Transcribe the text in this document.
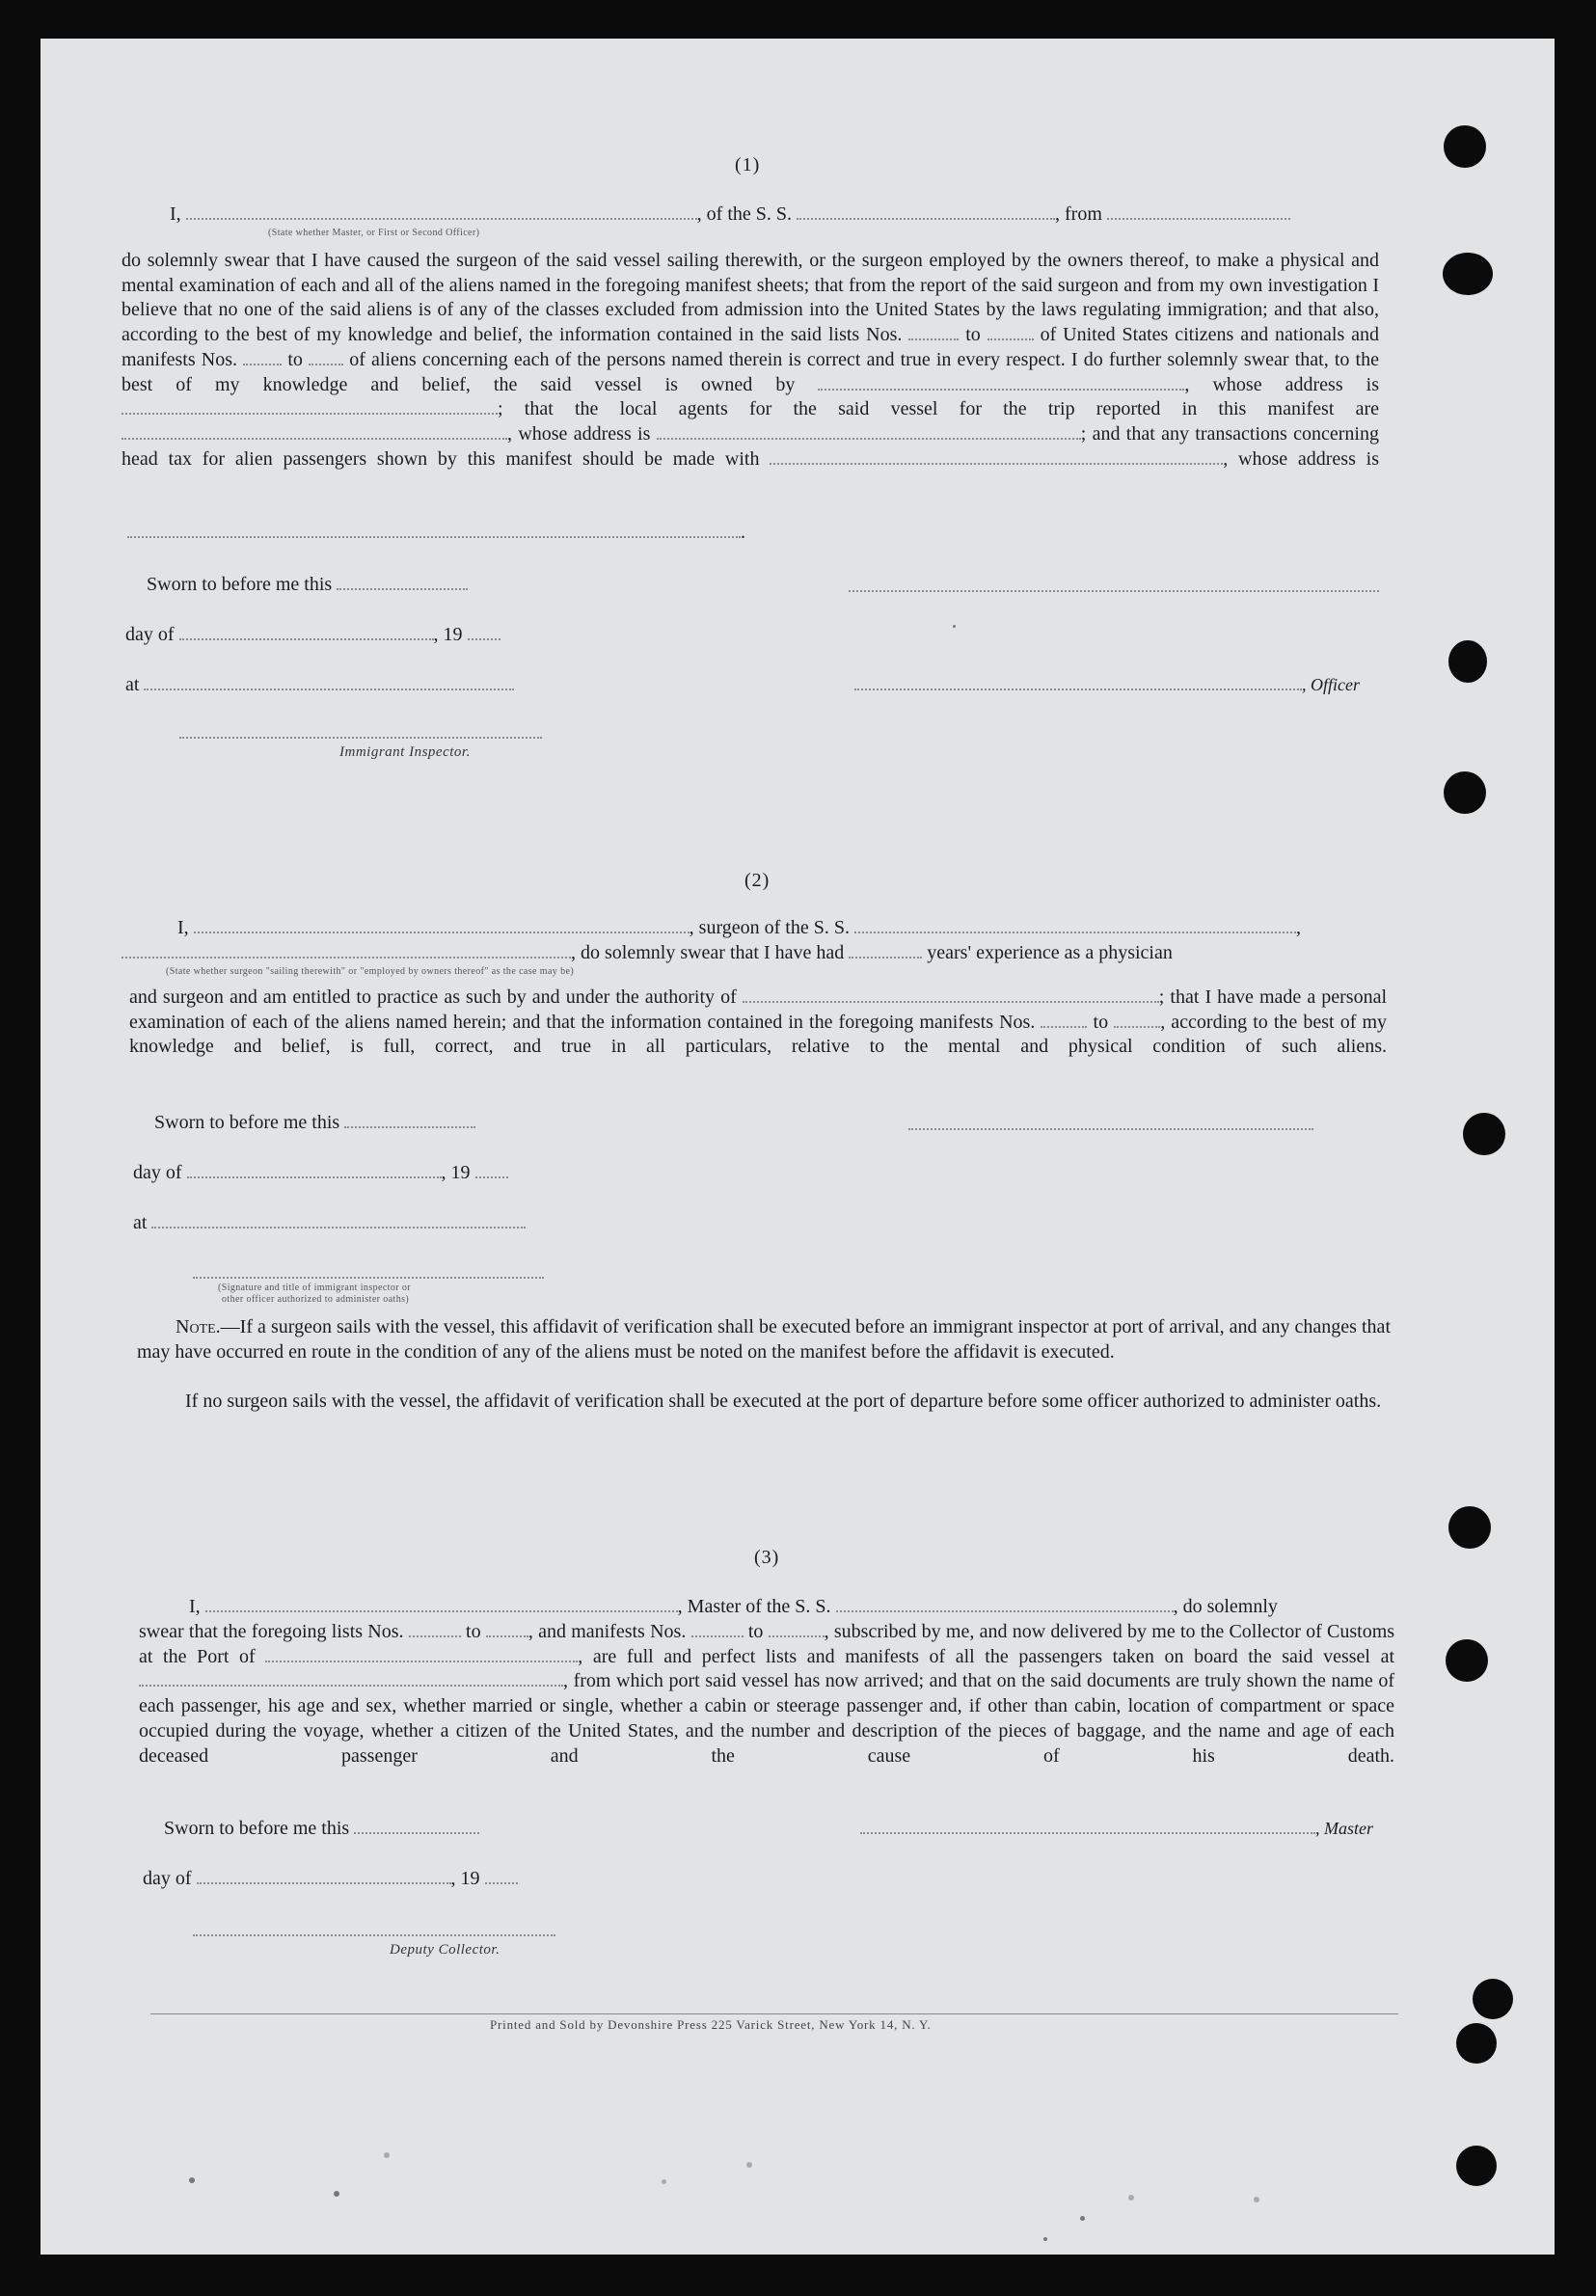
(1)
I,	, of the S. S.	, from
(State whether Master, or First or Second Officer)

do solemnly swear that I have caused the surgeon of the said vessel sailing therewith, or the surgeon employed by the owners thereof, to make a physical and mental examination of each and all of the aliens named in the foregoing manifest sheets; that from the report of the said surgeon and from my own investigation I believe that no one of the said aliens is of any of the classes excluded from admission into the United States by the laws regulating immigration; and that also, according to the best of my knowledge and belief, the information contained in the said lists Nos.	to	of United States citizens and nationals and manifests Nos.	to of aliens concerning each of the persons named therein is correct and true in every respect. I do further solemnly swear that, to the best of my knowledge and belief, the said vessel is owned by	, whose address is ; that the local agents for the said vessel for the trip reported in this manifest are , whose address is	; and that any transactions concerning head tax for alien passengers shown by this manifest should be made with	, whose address is

.
Sworn to before me this
day of	, 19
at	, Officer
Immigrant Inspector.
(2)
I,	, surgeon of the S. S.	,
, do solemnly swear that I have had	years' experience as a physician
(State whether surgeon "sailing therewith" or "employed by owners thereof" as the case may be)

and surgeon and am entitled to practice as such by and under the authority of	; that I have made a personal examination of each of the aliens named herein; and that the information contained in the foregoing manifests Nos.	to	, according to the best of my knowledge and belief, is full, correct, and true in all particulars, relative to the mental and physical condition of such aliens.

Sworn to before me this
day of	, 19
at
(Signature and title of immigrant inspector or
other officer authorized to administer oaths)

Note.—If a surgeon sails with the vessel, this affidavit of verification shall be executed before an immigrant inspector at port of arrival, and any changes that may have occurred en route in the condition of any of the aliens must be noted on the manifest before the affidavit is executed.

If no surgeon sails with the vessel, the affidavit of verification shall be executed at the port of departure before some officer authorized to administer oaths.

(3)
I,	, Master of the S. S.	, do solemnly

swear that the foregoing lists Nos.	to , and manifests Nos.	to	, subscribed by me, and now delivered by me to the Collector of Customs at the Port of	, are full and perfect lists and manifests of all the passengers taken on board the said vessel at , from which port said vessel has now arrived; and that on the said documents are truly shown the name of each passenger, his age and sex, whether married or single, whether a cabin or steerage passenger and, if other than cabin, location of compartment or space occupied during the voyage, whether a citizen of the United States, and the number and description of the pieces of baggage, and the name and age of each deceased passenger and the cause of his death.

Sworn to before me this	, Master
day of	, 19
Deputy Collector.
Printed and Sold by Devonshire Press 225 Varick Street, New York 14, N. Y.
